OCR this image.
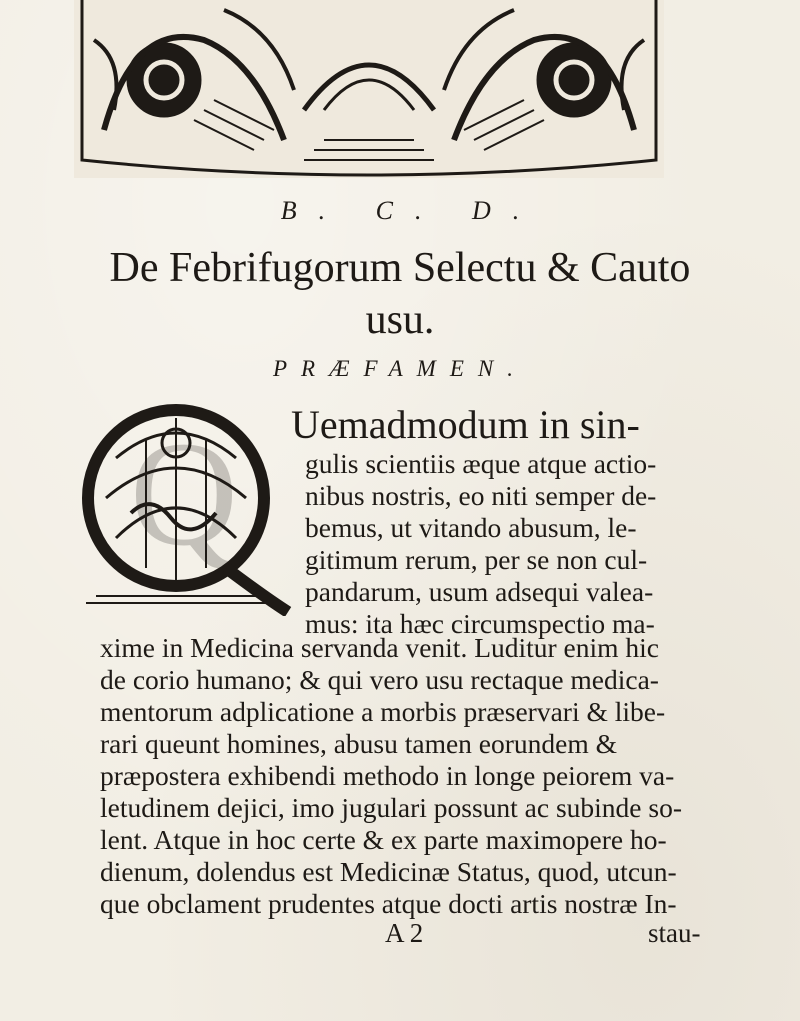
B. C. D.
De Febrifugorum Selectu & Cauto
usu.
PRÆFAMEN.
Q Uemadmodum in sin-
gulis scientiis æque atque actio-
nibus nostris, eo niti semper de-
bemus, ut vitando abusum, le-
gitimum rerum, per se non cul-
pandarum, usum adsequi valea-
mus: ita hæc circumspectio ma-
xime in Medicina servanda venit. Luditur enim hic
de corio humano; & qui vero usu rectaque medica-
mentorum adplicatione a morbis præservari & libe-
rari queunt homines, abusu tamen eorundem &
præpostera exhibendi methodo in longe peiorem va-
letudinem dejici, imo jugulari possunt ac subinde so-
lent. Atque in hoc certe & ex parte maximopere ho-
dienum, dolendus est Medicinæ Status, quod, utcun-
que obclament prudentes atque docti artis nostræ In-
A 2	stau-
